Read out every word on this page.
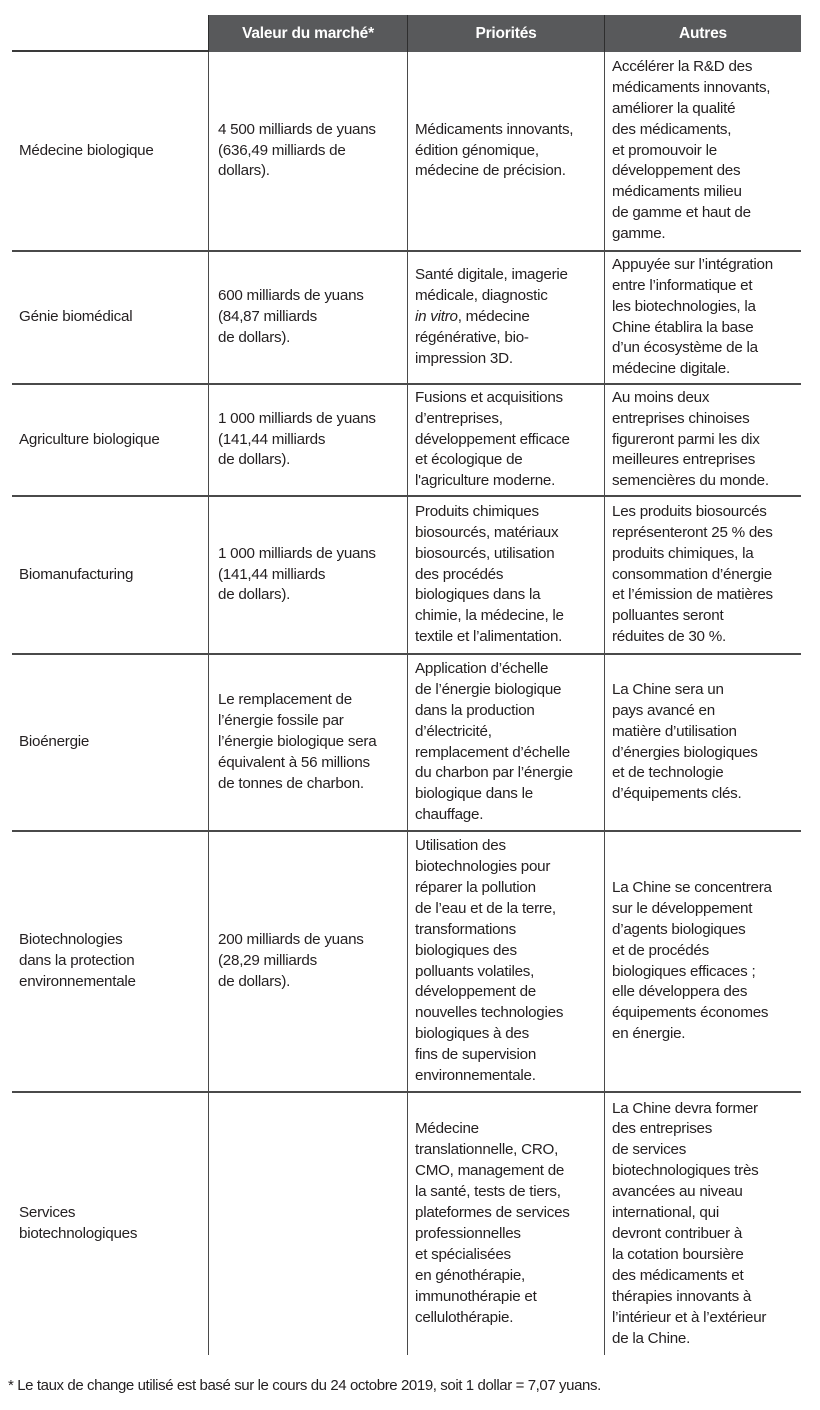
Valeur du marché*	Priorités	Autres
Médecine biologique
4 500 milliards de yuans
(636,49 milliards de
dollars).
Médicaments innovants,
édition génomique,
médecine de précision.
Accélérer la R&D des
médicaments innovants,
améliorer la qualité
des médicaments,
et promouvoir le
développement des
médicaments milieu
de gamme et haut de
gamme.
Génie biomédical
600 milliards de yuans
(84,87 milliards
de dollars).
Santé digitale, imagerie
médicale, diagnostic
in vitro, médecine
régénérative, bio-
impression 3D.
Appuyée sur l’intégration
entre l’informatique et
les biotechnologies, la
Chine établira la base
d’un écosystème de la
médecine digitale.
Agriculture biologique
1 000 milliards de yuans
(141,44 milliards
de dollars).
Fusions et acquisitions
d’entreprises,
développement efficace
et écologique de
l'agriculture moderne.
Au moins deux
entreprises chinoises
figureront parmi les dix
meilleures entreprises
semencières du monde.
Biomanufacturing
1 000 milliards de yuans
(141,44 milliards
de dollars).
Produits chimiques
biosourcés, matériaux
biosourcés, utilisation
des procédés
biologiques dans la
chimie, la médecine, le
textile et l’alimentation.
Les produits biosourcés
représenteront 25 % des
produits chimiques, la
consommation d’énergie
et l’émission de matières
polluantes seront
réduites de 30 %.
Bioénergie
Le remplacement de
l’énergie fossile par
l’énergie biologique sera
équivalent à 56 millions
de tonnes de charbon.
Application d’échelle
de l’énergie biologique
dans la production
d’électricité,
remplacement d’échelle
du charbon par l’énergie
biologique dans le
chauffage.
La Chine sera un
pays avancé en
matière d’utilisation
d’énergies biologiques
et de technologie
d’équipements clés.
Biotechnologies
dans la protection
environnementale
200 milliards de yuans
(28,29 milliards
de dollars).
Utilisation des
biotechnologies pour
réparer la pollution
de l’eau et de la terre,
transformations
biologiques des
polluants volatiles,
développement de
nouvelles technologies
biologiques à des
fins de supervision
environnementale.
La Chine se concentrera
sur le développement
d’agents biologiques
et de procédés
biologiques efficaces ;
elle développera des
équipements économes
en énergie.
Services
biotechnologiques
Médecine
translationnelle, CRO,
CMO, management de
la santé, tests de tiers,
plateformes de services
professionnelles
et spécialisées
en génothérapie,
immunothérapie et
cellulothérapie.
La Chine devra former
des entreprises
de services
biotechnologiques très
avancées au niveau
international, qui
devront contribuer à
la cotation boursière
des médicaments et
thérapies innovants à
l’intérieur et à l’extérieur
de la Chine.
* Le taux de change utilisé est basé sur le cours du 24 octobre 2019, soit 1 dollar = 7,07 yuans.
